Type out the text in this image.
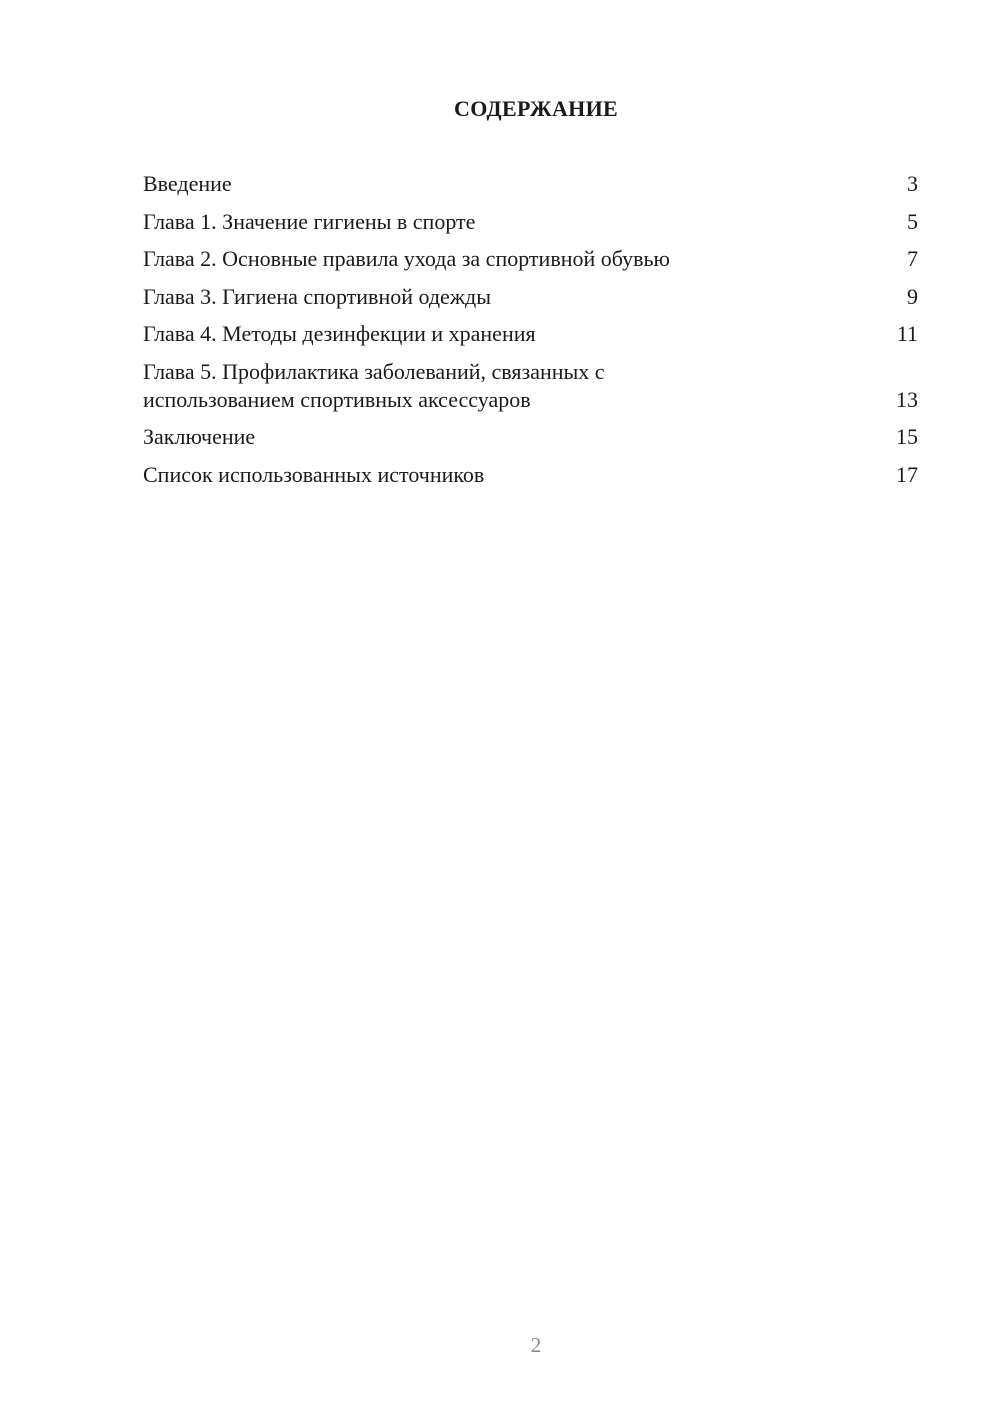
СОДЕРЖАНИЕ
Введение	3
Глава 1. Значение гигиены в спорте	5
Глава 2. Основные правила ухода за спортивной обувью	7
Глава 3. Гигиена спортивной одежды	9
Глава 4. Методы дезинфекции и хранения	11
Глава 5. Профилактика заболеваний, связанных с
использованием спортивных аксессуаров	13
Заключение	15
Список использованных источников	17
2
